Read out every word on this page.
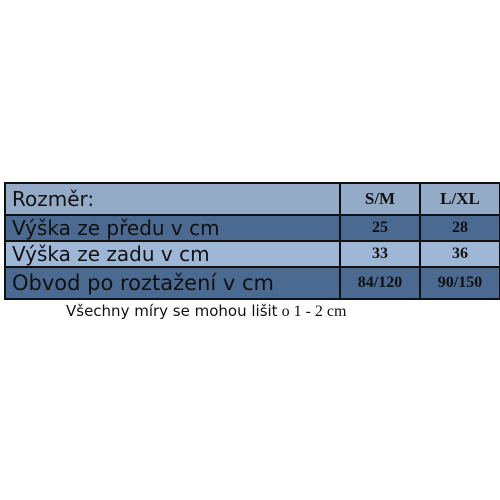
Rozměr:	S/M	L/XL
Výška ze předu v cm	25	28
Výška ze zadu v cm	33	36
Obvod po roztažení v cm	84/120	90/150

Všechny míry se mohou lišit o 1 - 2 cm
